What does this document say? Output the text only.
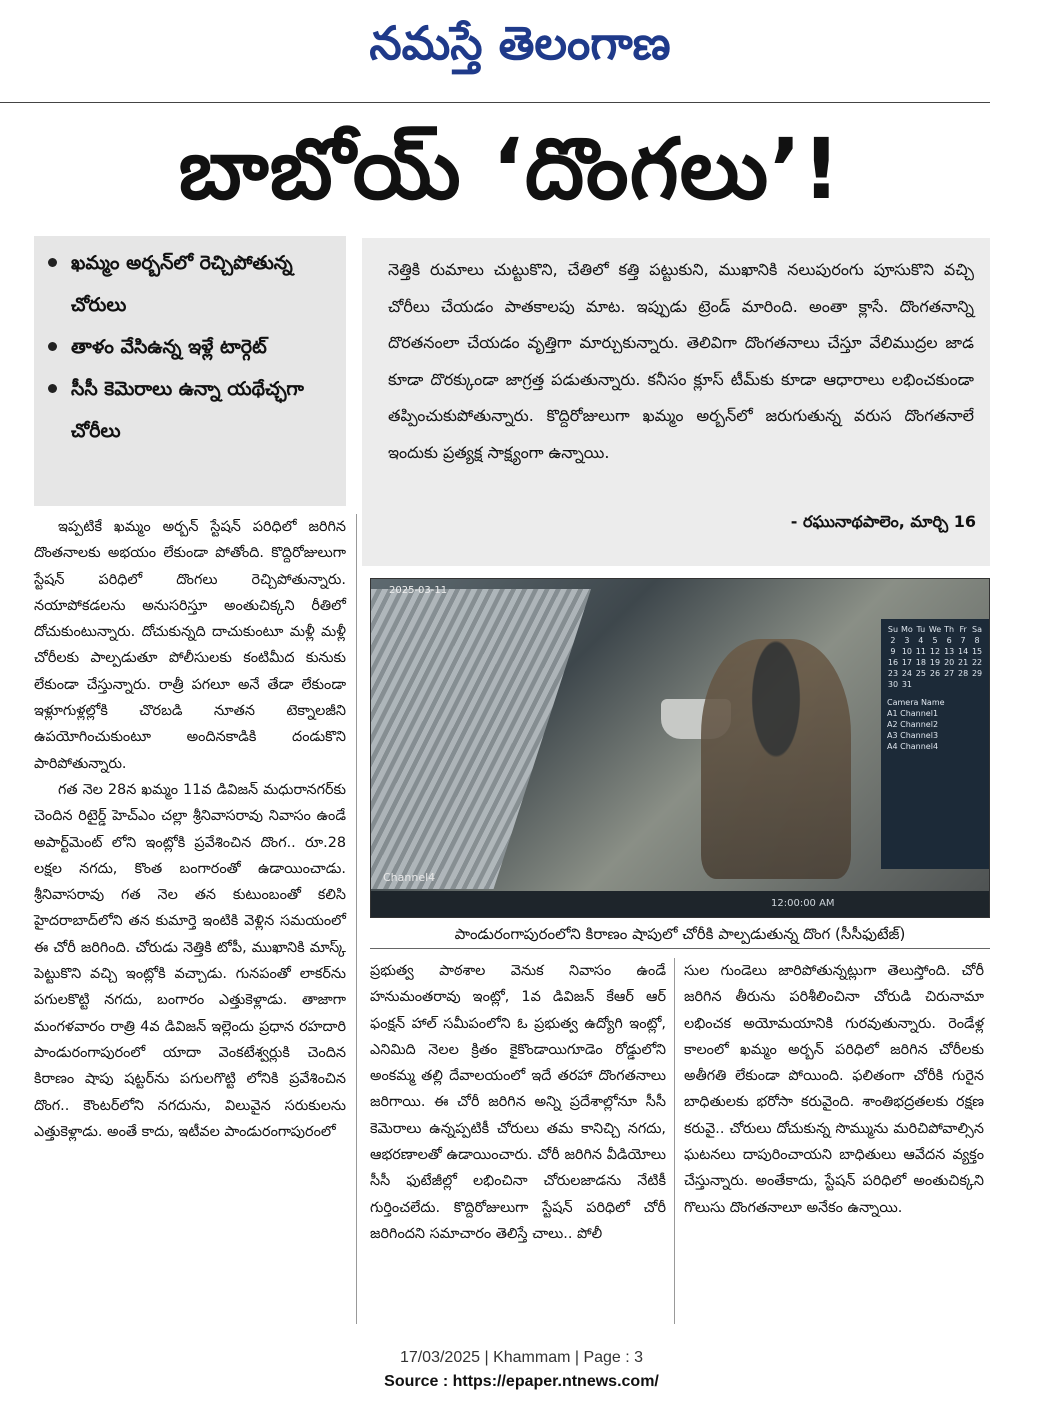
నమస్తే తెలంగాణ
బాబోయ్ ‘దొంగలు’!
ఖమ్మం అర్బన్‌లో రెచ్చిపోతున్న చోరులు
తాళం వేసిఉన్న ఇళ్లే టార్గెట్
సీసీ కెమెరాలు ఉన్నా యథేచ్ఛగా చోరీలు
నెత్తికి రుమాలు చుట్టుకొని, చేతిలో కత్తి పట్టుకుని, ముఖానికి నలుపురంగు పూసుకొని వచ్చి చోరీలు చేయడం పాతకాలపు మాట. ఇప్పుడు ట్రెండ్ మారింది. అంతా క్లాసే. దొంగతనాన్ని దొరతనంలా చేయడం వృత్తిగా మార్చుకున్నారు. తెలివిగా దొంగతనాలు చేస్తూ వేలిముద్రల జాడ కూడా దొరక్కుండా జాగ్రత్త పడుతున్నారు. కనీసం క్లూస్ టీమ్‌కు కూడా ఆధారాలు లభించకుండా తప్పించుకుపోతున్నారు. కొద్దిరోజులుగా ఖమ్మం అర్బన్‌లో జరుగుతున్న వరుస దొంగతనాలే ఇందుకు ప్రత్యక్ష సాక్ష్యంగా ఉన్నాయి.
- రఘునాథపాలెం, మార్చి 16

ఇప్పటికే ఖమ్మం అర్బన్ స్టేషన్ పరిధిలో జరిగిన దొంతనాలకు అభయం లేకుండా పోతోంది. కొద్దిరోజులుగా స్టేషన్ పరిధిలో దొంగలు రెచ్చిపోతున్నారు. నయాపోకడలను అనుసరిస్తూ అంతుచిక్కని రీతిలో దోచుకుంటున్నారు. దోచుకున్నది దాచుకుంటూ మళ్లీ మళ్లీ చోరీలకు పాల్పడుతూ పోలీసులకు కంటిమీద కునుకు లేకుండా చేస్తున్నారు. రాత్రీ పగలూ అనే తేడా లేకుండా ఇళ్లూగుళ్లల్లోకి చొరబడి నూతన టెక్నాలజీని ఉపయోగించుకుంటూ అందినకాడికి దండుకొని పారిపోతున్నారు.

గత నెల 28న ఖమ్మం 11వ డివిజన్ మధురానగర్‌కు చెందిన రిటైర్డ్ హెచ్‌ఎం చల్లా శ్రీనివాసరావు నివాసం ఉండే అపార్ట్‌మెంట్ లోని ఇంట్లోకి ప్రవేశించిన దొంగ.. రూ.28 లక్షల నగదు, కొంత బంగారంతో ఉడాయించాడు. శ్రీనివాసరావు గత నెల తన కుటుంబంతో కలిసి హైదరాబాద్‌లోని తన కుమార్తె ఇంటికి వెళ్లిన సమయంలో ఈ చోరీ జరిగింది. చోరుడు నెత్తికి టోపీ, ముఖానికి మాస్క్ పెట్టుకొని వచ్చి ఇంట్లోకి వచ్చాడు. గునపంతో లాకర్‌ను పగులకొట్టి నగదు, బంగారం ఎత్తుకెళ్లాడు. తాజాగా మంగళవారం రాత్రి 4వ డివిజన్ ఇల్లెందు ప్రధాన రహదారి పాండురంగాపురంలో యాదా వెంకటేశ్వర్లుకి చెందిన కిరాణం షాపు షట్టర్‌ను పగులగొట్టి లోనికి ప్రవేశించిన దొంగ.. కౌంటర్‌లోని నగదును, విలువైన సరుకులను ఎత్తుకెళ్లాడు. అంతే కాదు, ఇటీవల పాండురంగాపురంలో

2025-03-11
Su Mo Tu We Th Fr Sa
2	3	4	5	6	7	8
9 10 11 12 13 14 15
16 17 18 19 20 21 22
23 24 25 26 27 28 29
30 31
Camera Name
A1 Channel1
A2 Channel2
A3 Channel3
A4 Channel4
Channel4
12:00:00 AM
పాండురంగాపురంలోని కిరాణం షాపులో చోరీకి పాల్పడుతున్న దొంగ (సీసీఫుటేజ్)

ప్రభుత్వ పాఠశాల వెనుక నివాసం ఉండే హనుమంతరావు ఇంట్లో, 1వ డివిజన్ కేఆర్ ఆర్ ఫంక్షన్ హాల్ సమీపంలోని ఓ ప్రభుత్వ ఉద్యోగి ఇంట్లో, ఎనిమిది నెలల క్రితం కైకొండాయిగూడెం రోడ్డులోని అంకమ్మ తల్లి దేవాలయంలో ఇదే తరహా దొంగతనాలు జరిగాయి. ఈ చోరీ జరిగిన అన్ని ప్రదేశాల్లోనూ సీసీ కెమెరాలు ఉన్నప్పటికీ చోరులు తమ కానిచ్చి నగదు, ఆభరణాలతో ఉడాయించారు. చోరీ జరిగిన వీడియోలు సీసీ ఫుటేజీల్లో లభించినా చోరులజాడను నేటికీ గుర్తించలేదు. కొద్దిరోజులుగా స్టేషన్ పరిధిలో చోరీ జరిగిందని సమాచారం తెలిస్తే చాలు.. పోలీ

సుల గుండెలు జారిపోతున్నట్లుగా తెలుస్తోంది. చోరీ జరిగిన తీరును పరిశీలించినా చోరుడి చిరునామా లభించక అయోమయానికి గురవుతున్నారు. రెండేళ్ల కాలంలో ఖమ్మం అర్బన్ పరిధిలో జరిగిన చోరీలకు అతీగతి లేకుండా పోయింది. ఫలితంగా చోరీకి గురైన బాధితులకు భరోసా కరువైంది. శాంతిభద్రతలకు రక్షణ కరువై.. చోరులు దోచుకున్న సొమ్మును మరిచిపోవాల్సిన ఘటనలు దాపురించాయని బాధితులు ఆవేదన వ్యక్తం చేస్తున్నారు. అంతేకాదు, స్టేషన్ పరిధిలో అంతుచిక్కని గొలుసు దొంగతనాలూ అనేకం ఉన్నాయి.

17/03/2025 | Khammam | Page : 3
Source : https://epaper.ntnews.com/
